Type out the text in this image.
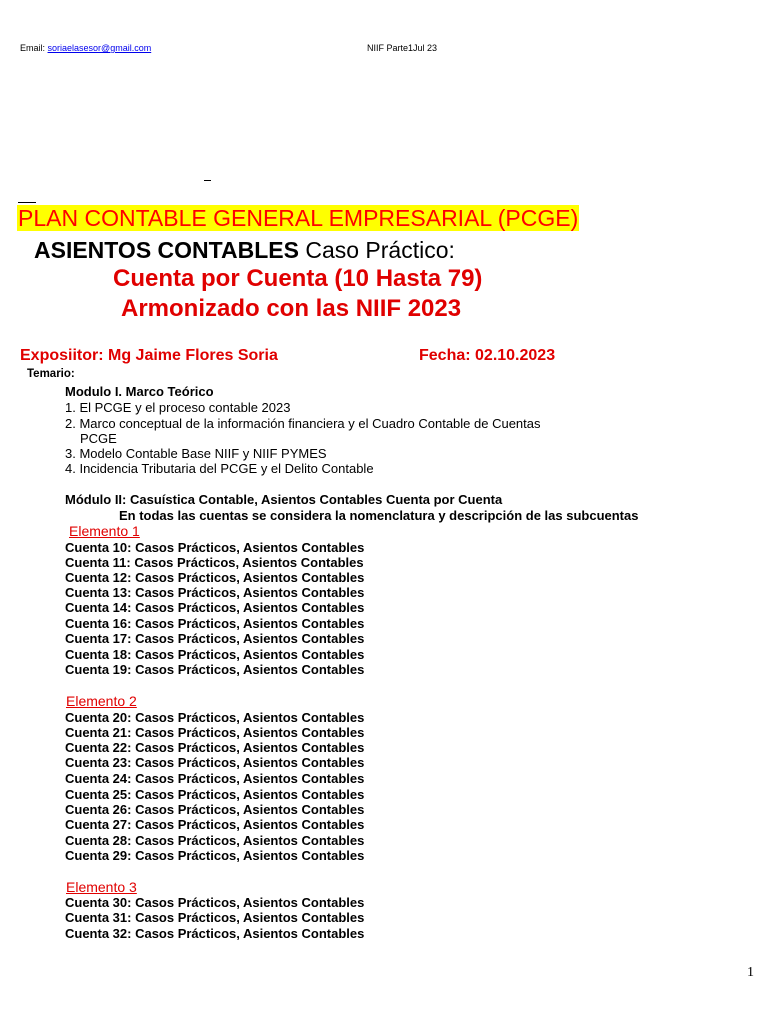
Email: soriaelasesor@gmail.com	NIIF Parte1Jul 23
PLAN CONTABLE GENERAL EMPRESARIAL (PCGE)
ASIENTOS CONTABLES Caso Práctico:
Cuenta por Cuenta (10 Hasta 79)
Armonizado con las NIIF 2023
Exposiitor: Mg Jaime Flores Soria	Fecha: 02.10.2023
Temario:
Modulo I. Marco Teórico
1. El PCGE y el proceso contable 2023
2. Marco conceptual de la información financiera y el Cuadro Contable de Cuentas
PCGE
3. Modelo Contable Base NIIF y NIIF PYMES
4. Incidencia Tributaria del PCGE y el Delito Contable
Módulo II: Casuística Contable, Asientos Contables Cuenta por Cuenta
En todas las cuentas se considera la nomenclatura y descripción de las subcuentas
Elemento 1
Cuenta 10: Casos Prácticos, Asientos Contables
Cuenta 11: Casos Prácticos, Asientos Contables
Cuenta 12: Casos Prácticos, Asientos Contables
Cuenta 13: Casos Prácticos, Asientos Contables
Cuenta 14: Casos Prácticos, Asientos Contables
Cuenta 16: Casos Prácticos, Asientos Contables
Cuenta 17: Casos Prácticos, Asientos Contables
Cuenta 18: Casos Prácticos, Asientos Contables
Cuenta 19: Casos Prácticos, Asientos Contables
Elemento 2
Cuenta 20: Casos Prácticos, Asientos Contables
Cuenta 21: Casos Prácticos, Asientos Contables
Cuenta 22: Casos Prácticos, Asientos Contables
Cuenta 23: Casos Prácticos, Asientos Contables
Cuenta 24: Casos Prácticos, Asientos Contables
Cuenta 25: Casos Prácticos, Asientos Contables
Cuenta 26: Casos Prácticos, Asientos Contables
Cuenta 27: Casos Prácticos, Asientos Contables
Cuenta 28: Casos Prácticos, Asientos Contables
Cuenta 29: Casos Prácticos, Asientos Contables
Elemento 3
Cuenta 30: Casos Prácticos, Asientos Contables
Cuenta 31: Casos Prácticos, Asientos Contables
Cuenta 32: Casos Prácticos, Asientos Contables
1
